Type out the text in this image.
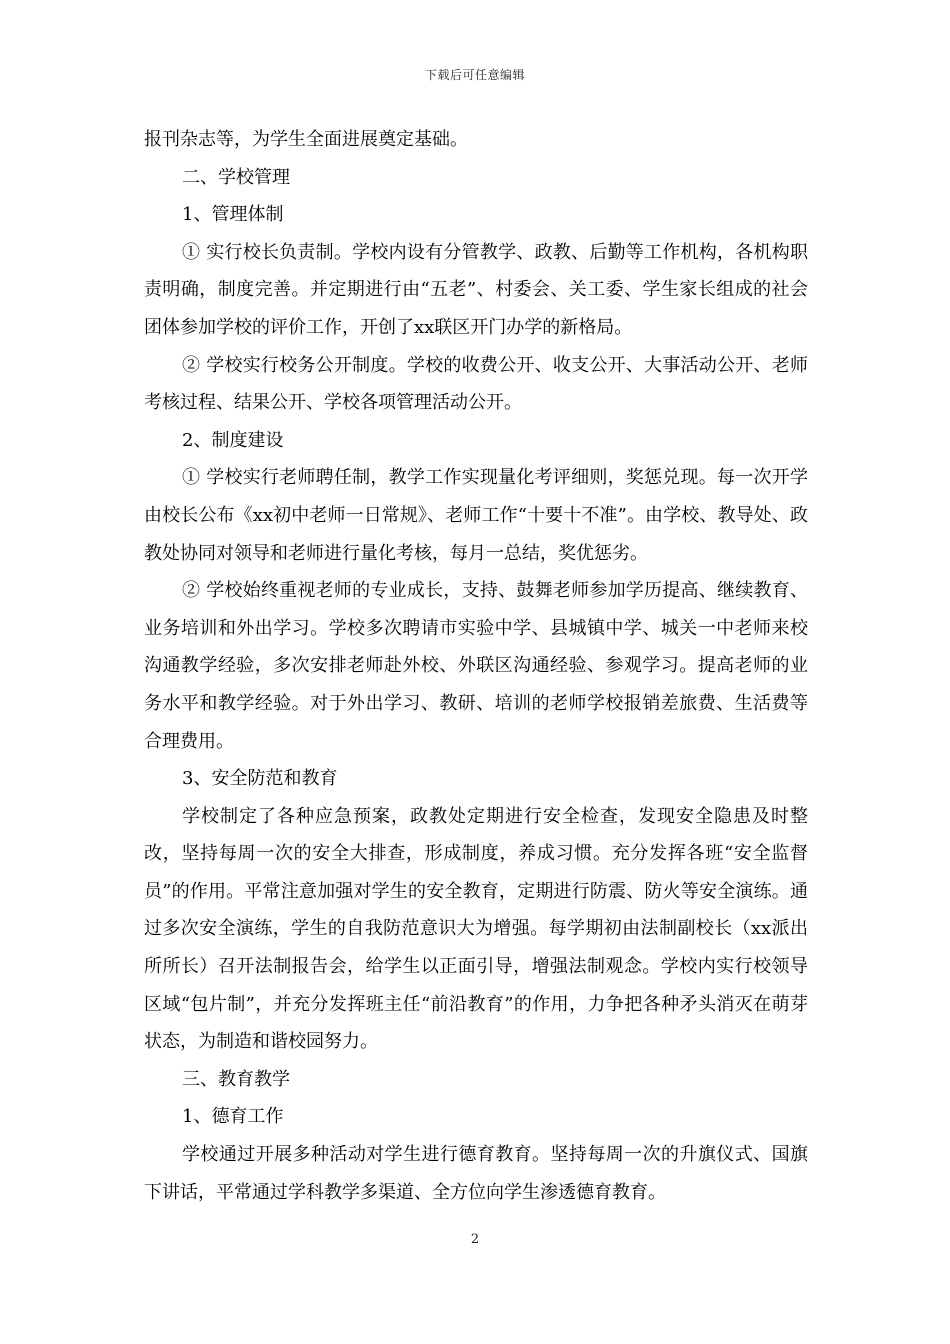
下载后可任意编辑

报刊杂志等，为学生全面进展奠定基础。

二、学校管理

1、管理体制

① 实行校长负责制。学校内设有分管教学、政教、后勤等工作机构，各机构职责明确，制度完善。并定期进行由“五老”、村委会、关工委、学生家长组成的社会团体参加学校的评价工作，开创了xx联区开门办学的新格局。

② 学校实行校务公开制度。学校的收费公开、收支公开、大事活动公开、老师考核过程、结果公开、学校各项管理活动公开。

2、制度建设

① 学校实行老师聘任制，教学工作实现量化考评细则，奖惩兑现。每一次开学由校长公布《xx初中老师一日常规》、老师工作“十要十不准”。由学校、教导处、政教处协同对领导和老师进行量化考核，每月一总结，奖优惩劣。

② 学校始终重视老师的专业成长，支持、鼓舞老师参加学历提高、继续教育、业务培训和外出学习。学校多次聘请市实验中学、县城镇中学、城关一中老师来校沟通教学经验，多次安排老师赴外校、外联区沟通经验、参观学习。提高老师的业务水平和教学经验。对于外出学习、教研、培训的老师学校报销差旅费、生活费等合理费用。

3、安全防范和教育

学校制定了各种应急预案，政教处定期进行安全检查，发现安全隐患及时整改，坚持每周一次的安全大排查，形成制度，养成习惯。充分发挥各班“安全监督员”的作用。平常注意加强对学生的安全教育，定期进行防震、防火等安全演练。通过多次安全演练，学生的自我防范意识大为增强。每学期初由法制副校长（xx派出所所长）召开法制报告会，给学生以正面引导，增强法制观念。学校内实行校领导区域“包片制”，并充分发挥班主任“前沿教育”的作用，力争把各种矛头消灭在萌芽状态，为制造和谐校园努力。

三、教育教学

1、德育工作

学校通过开展多种活动对学生进行德育教育。坚持每周一次的升旗仪式、国旗下讲话，平常通过学科教学多渠道、全方位向学生渗透德育教育。

2
